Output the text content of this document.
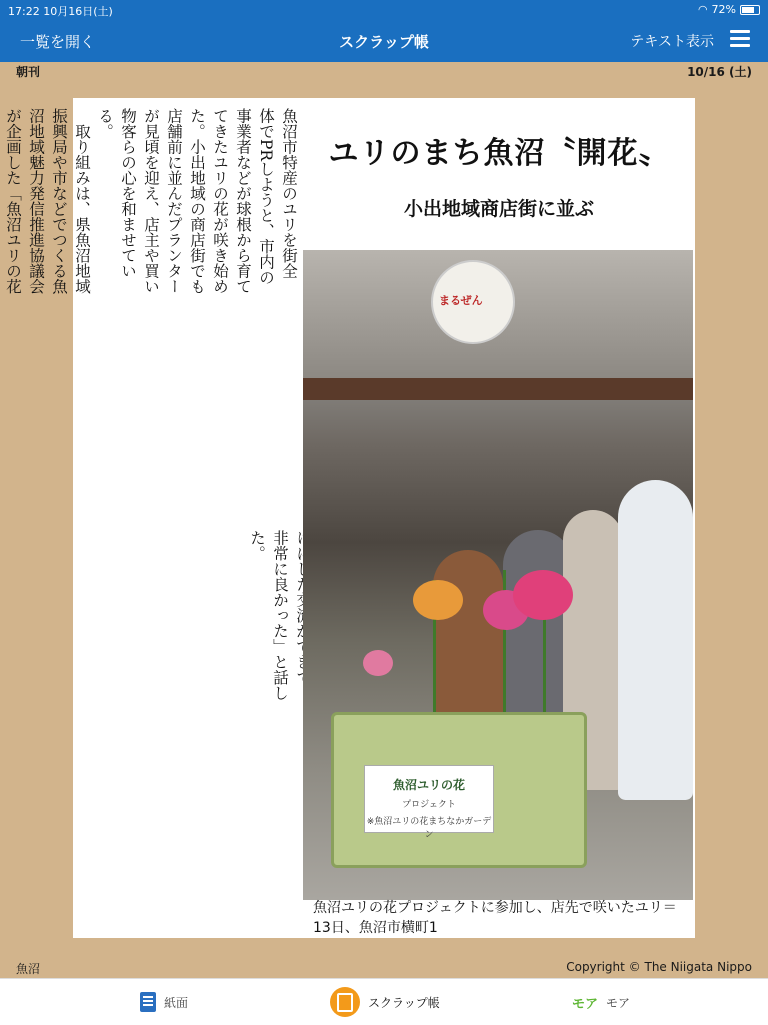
17:22 10月16日(土)	◠ 72%
一覧を開く	スクラップ帳	テキスト表示
朝刊	10/16 (土)
魚沼市特産のユリを街全
体でPRしようと、市内の
事業者などが球根から育て
てきたユリの花が咲き始め
た。小出地域の商店街でも
店舗前に並んだプランター
が見頃を迎え、店主や買い
物客らの心を和ませてい
る。
　取り組みは、県魚沼地域
振興局や市などでつくる魚
沼地域魅力発信推進協議会
が企画した「魚沼ユリの花	ユリのまち魚沼〝開花〟
小出地域商店街に並ぶ

非常に良かった」と話し
た。
まるぜん
魚沼ユリの花
プロジェクト
※魚沼ユリの花まちなかガーデン
魚沼ユリの花プロジェクトに参加し、店先で咲いたユリ＝13日、魚沼市横町1
魚沼	Copyright © The Niigata Nippo
紙面	スクラップ帳	モア モア
